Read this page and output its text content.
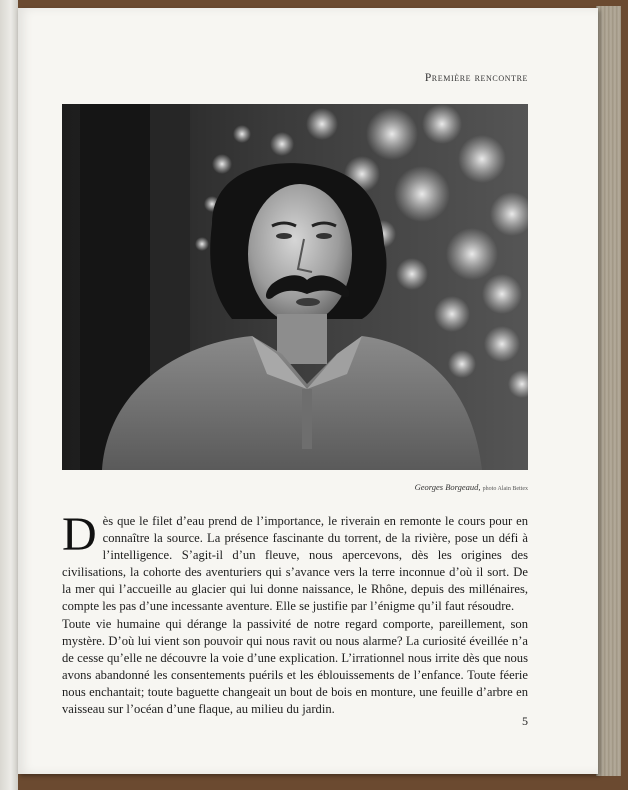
Première rencontre
Georges Borgeaud, photo Alain Bettex

Dès que le filet d’eau prend de l’importance, le riverain en remonte le cours pour en connaître la source. La présence fascinante du torrent, de la rivière, pose un défi à l’intelligence. S’agit-il d’un fleuve, nous apercevons, dès les origines des civilisations, la cohorte des aventuriers qui s’avance vers la terre inconnue d’où il sort. De la mer qui l’accueille au glacier qui lui donne naissance, le Rhône, depuis des millénaires, compte les pas d’une incessante aventure. Elle se justifie par l’énigme qu’il faut résoudre.

Toute vie humaine qui dérange la passivité de notre regard comporte, pareillement, son mystère. D’où lui vient son pouvoir qui nous ravit ou nous alarme? La curiosité éveillée n’a de cesse qu’elle ne découvre la voie d’une explication. L’irrationnel nous irrite dès que nous avons abandonné les consentements puérils et les éblouissements de l’enfance. Toute féerie nous enchantait; toute baguette changeait un bout de bois en monture, une feuille d’arbre en vaisseau sur l’océan d’une flaque, au milieu du jardin.

5
